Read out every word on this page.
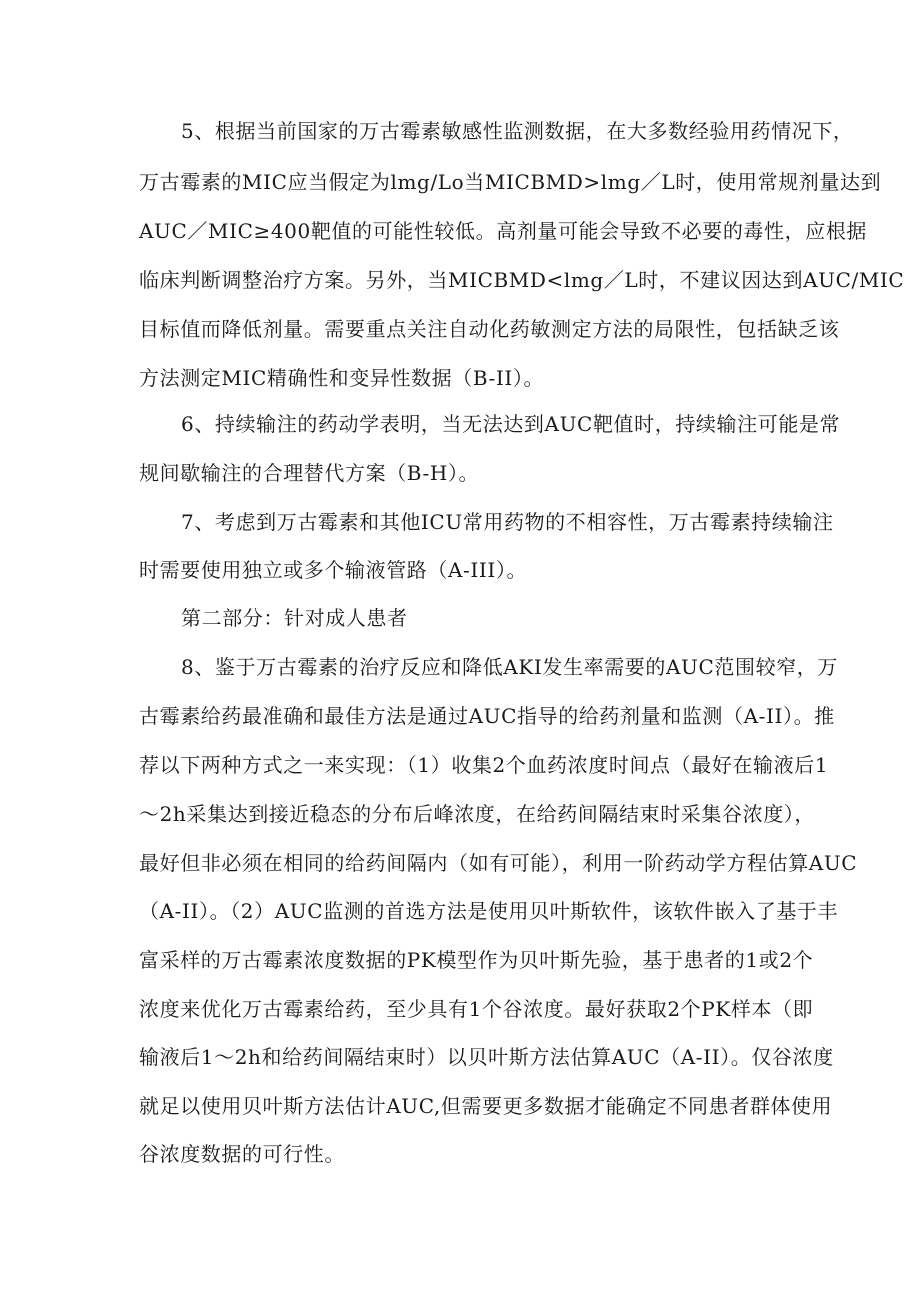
5、根据当前国家的万古霉素敏感性监测数据，在大多数经验用药情况下，
万古霉素的MIC应当假定为lmg/Lo当MICBMD>lmg／L时，使用常规剂量达到
AUC／MIC≥400靶值的可能性较低。高剂量可能会导致不必要的毒性，应根据
临床判断调整治疗方案。另外，当MICBMD<lmg／L时，不建议因达到AUC/MIC
目标值而降低剂量。需要重点关注自动化药敏测定方法的局限性，包括缺乏该
方法测定MIC精确性和变异性数据（B-II）。
6、持续输注的药动学表明，当无法达到AUC靶值时，持续输注可能是常
规间歇输注的合理替代方案（B-H）。
7、考虑到万古霉素和其他ICU常用药物的不相容性，万古霉素持续输注
时需要使用独立或多个输液管路（A-III）。
第二部分：针对成人患者
8、鉴于万古霉素的治疗反应和降低AKI发生率需要的AUC范围较窄，万
古霉素给药最准确和最佳方法是通过AUC指导的给药剂量和监测（A-II）。推
荐以下两种方式之一来实现：（1）收集2个血药浓度时间点（最好在输液后1
～2h采集达到接近稳态的分布后峰浓度，在给药间隔结束时采集谷浓度），
最好但非必须在相同的给药间隔内（如有可能），利用一阶药动学方程估算AUC
（A-II）。（2）AUC监测的首选方法是使用贝叶斯软件，该软件嵌入了基于丰
富采样的万古霉素浓度数据的PK模型作为贝叶斯先验，基于患者的1或2个
浓度来优化万古霉素给药，至少具有1个谷浓度。最好获取2个PK样本（即
输液后1～2h和给药间隔结束时）以贝叶斯方法估算AUC（A-II）。仅谷浓度
就足以使用贝叶斯方法估计AUC,但需要更多数据才能确定不同患者群体使用
谷浓度数据的可行性。
